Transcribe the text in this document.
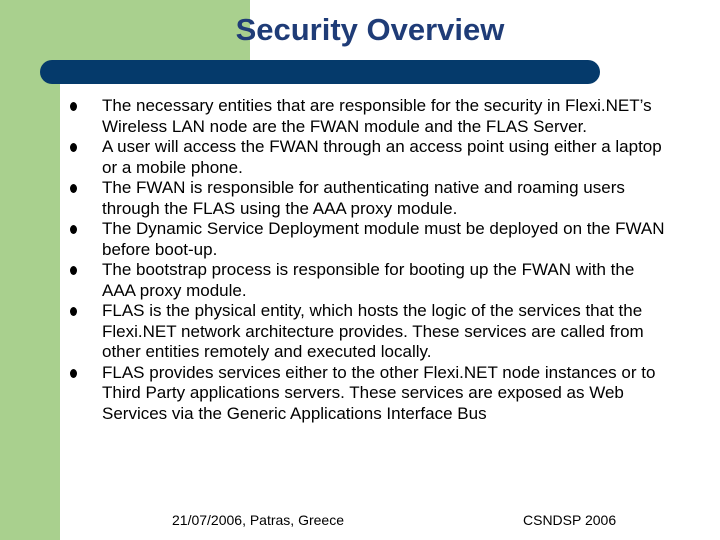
Security Overview
The necessary entities that are responsible for the security in Flexi.NET’s Wireless LAN node are the FWAN module and the FLAS Server.
A user will access the FWAN through an access point using either a laptop or a mobile phone.
The FWAN is responsible for authenticating native and roaming users through the FLAS using the AAA proxy module.
The Dynamic Service Deployment module must be deployed on the FWAN before boot-up.
The bootstrap process is responsible for booting up the FWAN with the AAA proxy module.
FLAS is the physical entity, which hosts the logic of the services that the Flexi.NET network architecture provides. These services are called from other entities remotely and executed locally.
FLAS provides services either to the other Flexi.NET node instances or to Third Party applications servers. These services are exposed as Web Services via the Generic Applications Interface Bus
21/07/2006, Patras, Greece	CSNDSP 2006
